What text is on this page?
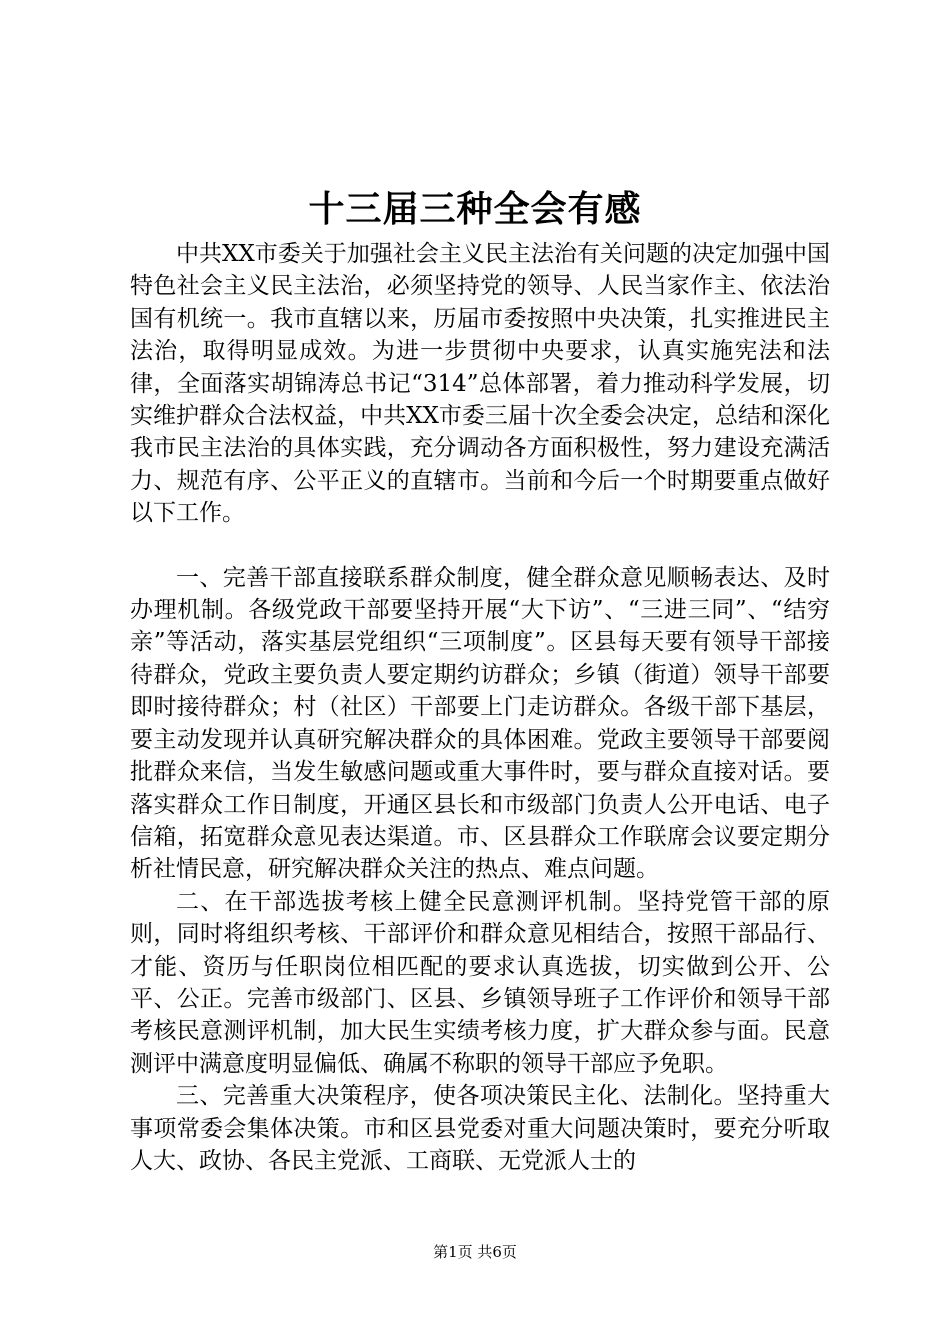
十三届三种全会有感

中共XX市委关于加强社会主义民主法治有关问题的决定加强中国特色社会主义民主法治，必须坚持党的领导、人民当家作主、依法治国有机统一。我市直辖以来，历届市委按照中央决策，扎实推进民主法治，取得明显成效。为进一步贯彻中央要求，认真实施宪法和法律，全面落实胡锦涛总书记“314”总体部署，着力推动科学发展，切实维护群众合法权益，中共XX市委三届十次全委会决定，总结和深化我市民主法治的具体实践，充分调动各方面积极性，努力建设充满活力、规范有序、公平正义的直辖市。当前和今后一个时期要重点做好以下工作。

一、完善干部直接联系群众制度，健全群众意见顺畅表达、及时办理机制。各级党政干部要坚持开展“大下访”、“三进三同”、“结穷亲”等活动，落实基层党组织“三项制度”。区县每天要有领导干部接待群众，党政主要负责人要定期约访群众；乡镇（街道）领导干部要即时接待群众；村（社区）干部要上门走访群众。各级干部下基层，要主动发现并认真研究解决群众的具体困难。党政主要领导干部要阅批群众来信，当发生敏感问题或重大事件时，要与群众直接对话。要落实群众工作日制度，开通区县长和市级部门负责人公开电话、电子信箱，拓宽群众意见表达渠道。市、区县群众工作联席会议要定期分析社情民意，研究解决群众关注的热点、难点问题。

二、在干部选拔考核上健全民意测评机制。坚持党管干部的原则，同时将组织考核、干部评价和群众意见相结合，按照干部品行、才能、资历与任职岗位相匹配的要求认真选拔，切实做到公开、公平、公正。完善市级部门、区县、乡镇领导班子工作评价和领导干部考核民意测评机制，加大民生实绩考核力度，扩大群众参与面。民意测评中满意度明显偏低、确属不称职的领导干部应予免职。

三、完善重大决策程序，使各项决策民主化、法制化。坚持重大事项常委会集体决策。市和区县党委对重大问题决策时，要充分听取人大、政协、各民主党派、工商联、无党派人士的

第1页 共6页
